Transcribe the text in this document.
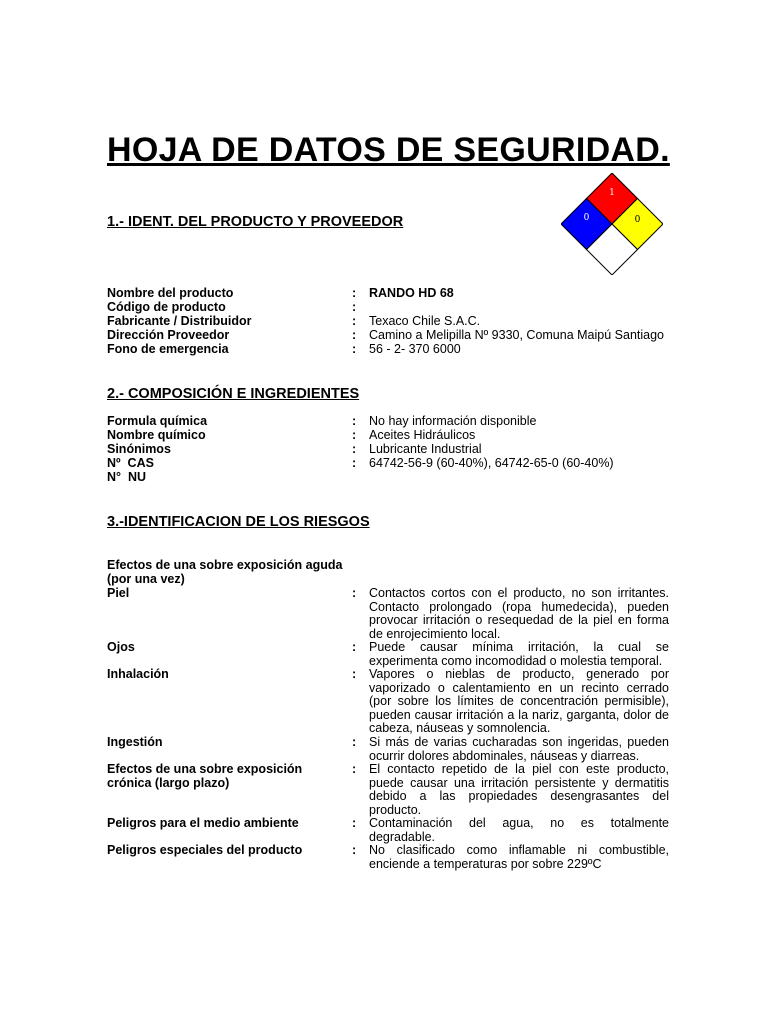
HOJA DE DATOS DE SEGURIDAD.
1
0	0
1.- IDENT. DEL PRODUCTO Y PROVEEDOR
Nombre del producto	: RANDO HD 68
Código de producto	:
Fabricante / Distribuidor	: Texaco Chile S.A.C.
Dirección Proveedor	: Camino a Melipilla Nº 9330, Comuna Maipú Santiago
Fono de emergencia	: 56 - 2- 370 6000
2.- COMPOSICIÓN E INGREDIENTES
Formula química	: No hay información disponible
Nombre químico	: Aceites Hidráulicos
Sinónimos	: Lubricante Industrial
Nº  CAS	: 64742-56-9 (60-40%), 64742-65-0 (60-40%)
N°  NU
3.-IDENTIFICACION DE LOS RIESGOS
Efectos de una sobre exposición aguda (por una vez)
Piel	: Contactos cortos con el producto, no son irritantes. Contacto prolongado (ropa humedecida), pueden provocar irritación o resequedad de la piel en forma de enrojecimiento local.
Ojos	: Puede causar mínima irritación, la cual se experimenta como incomodidad o molestia temporal.
Inhalación	: Vapores o nieblas de producto, generado por vaporizado o calentamiento en un recinto cerrado (por sobre los límites de concentración permisible), pueden causar irritación a la nariz, garganta, dolor de cabeza, náuseas y somnolencia.
Ingestión	: Si más de varias cucharadas son ingeridas, pueden ocurrir dolores abdominales, náuseas y diarreas.
Efectos de una sobre exposición crónica (largo plazo)
: El contacto repetido de la piel con este producto, puede causar una irritación persistente y dermatitis debido a las propiedades desengrasantes del producto.
Peligros para el medio ambiente	: Contaminación del agua, no es totalmente degradable.
Peligros especiales del producto	: No clasificado como inflamable ni combustible, enciende a temperaturas por sobre 229ºC
